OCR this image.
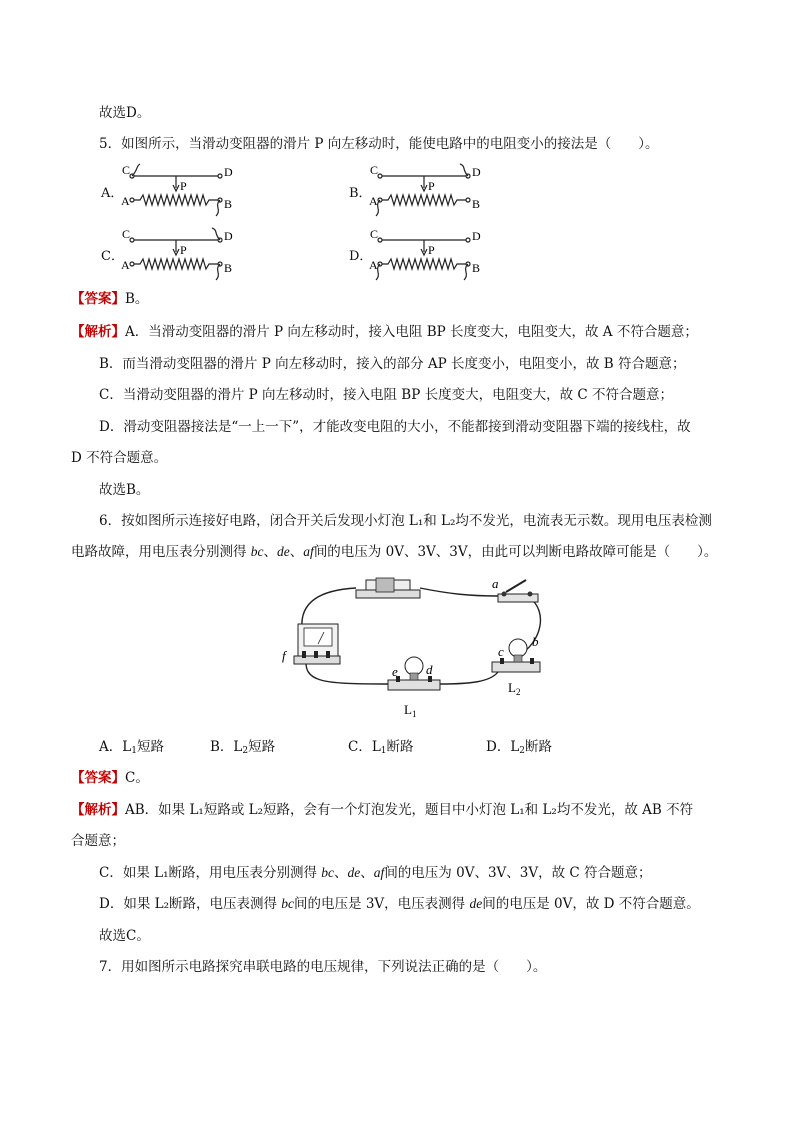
故选D。
5．如图所示，当滑动变阻器的滑片 P 向左移动时，能使电路中的电阻变小的接法是（　　）。
A．	B．
C．	D．
C	D
A	B
P
C	D
A	B
P
C	D
A	B
P
C	D
A	B
P
【答案】B。
【解析】A．当滑动变阻器的滑片 P 向左移动时，接入电阻 BP 长度变大，电阻变大，故 A 不符合题意；
B．而当滑动变阻器的滑片 P 向左移动时，接入的部分 AP 长度变小，电阻变小，故 B 符合题意；
C．当滑动变阻器的滑片 P 向左移动时，接入电阻 BP 长度变大，电阻变大，故 C 不符合题意；
D．滑动变阻器接法是“一上一下”，才能改变电阻的大小，不能都接到滑动变阻器下端的接线柱，故
D 不符合题意。
故选B。
6．按如图所示连接好电路，闭合开关后发现小灯泡 L₁和 L₂均不发光，电流表无示数。现用电压表检测
电路故障，用电压表分别测得 bc、de、af间的电压为 0V、3V、3V，由此可以判断电路故障可能是（　　）。
a
f
e d
$L_1$
c
b
$L_2$
A．$L_1$短路	B．$L_2$短路	C．$L_1$断路	D．$L_2$断路
【答案】C。
【解析】AB．如果 L₁短路或 L₂短路，会有一个灯泡发光，题目中小灯泡 L₁和 L₂均不发光，故 AB 不符
合题意；
C．如果 L₁断路，用电压表分别测得 bc、de、af间的电压为 0V、3V、3V，故 C 符合题意；
D．如果 L₂断路，电压表测得 bc间的电压是 3V，电压表测得 de间的电压是 0V，故 D 不符合题意。
故选C。
7．用如图所示电路探究串联电路的电压规律，下列说法正确的是（　　）。
